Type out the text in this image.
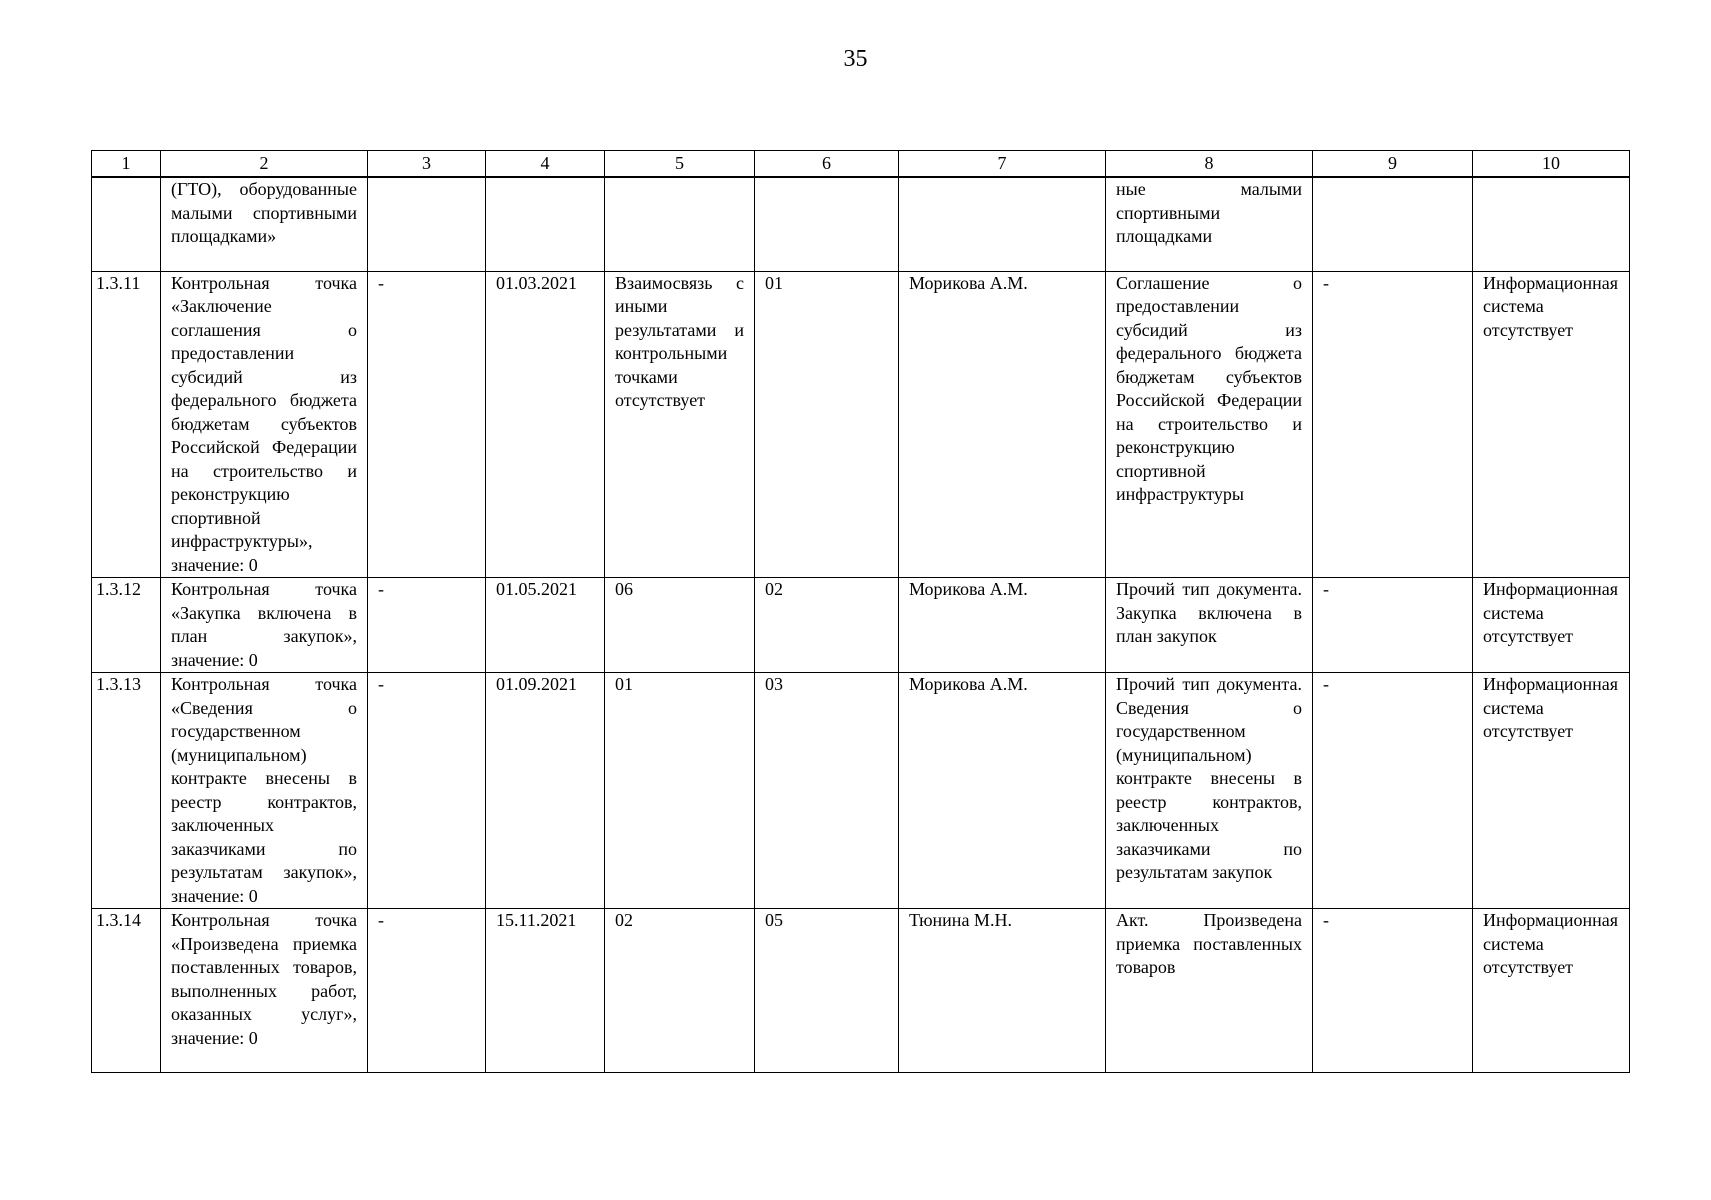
35
1	2	3	4	5	6	7	8	9	10
	(ГТО), оборудованные малыми спортивными площадками»						ные малыми спортивными площадками		
1.3.11	Контрольная точка «Заключение соглашения о предоставлении субсидий из федерального бюджета бюджетам субъектов Российской Федерации на строительство и реконструкцию спортивной инфраструктуры», значение: 0	-	01.03.2021	Взаимосвязь с иными результатами и контрольными точками отсутствует	01	Морикова А.М.	Соглашение о предоставлении субсидий из федерального бюджета бюджетам субъектов Российской Федерации на строительство и реконструкцию спортивной инфраструктуры	-	Информационная система отсутствует
1.3.12	Контрольная точка «Закупка включена в план закупок», значение: 0	-	01.05.2021	06	02	Морикова А.М.	Прочий тип документа. Закупка включена в план закупок	-	Информационная система отсутствует
1.3.13	Контрольная точка «Сведения о государственном (муниципальном) контракте внесены в реестр контрактов, заключенных заказчиками по результатам закупок», значение: 0	-	01.09.2021	01	03	Морикова А.М.	Прочий тип документа. Сведения о государственном (муниципальном) контракте внесены в реестр контрактов, заключенных заказчиками по результатам закупок	-	Информационная система отсутствует
1.3.14	Контрольная точка «Произведена приемка поставленных товаров, выполненных работ, оказанных услуг», значение: 0	-	15.11.2021	02	05	Тюнина М.Н.	Акт. Произведена приемка поставленных товаров	-	Информационная система отсутствует
